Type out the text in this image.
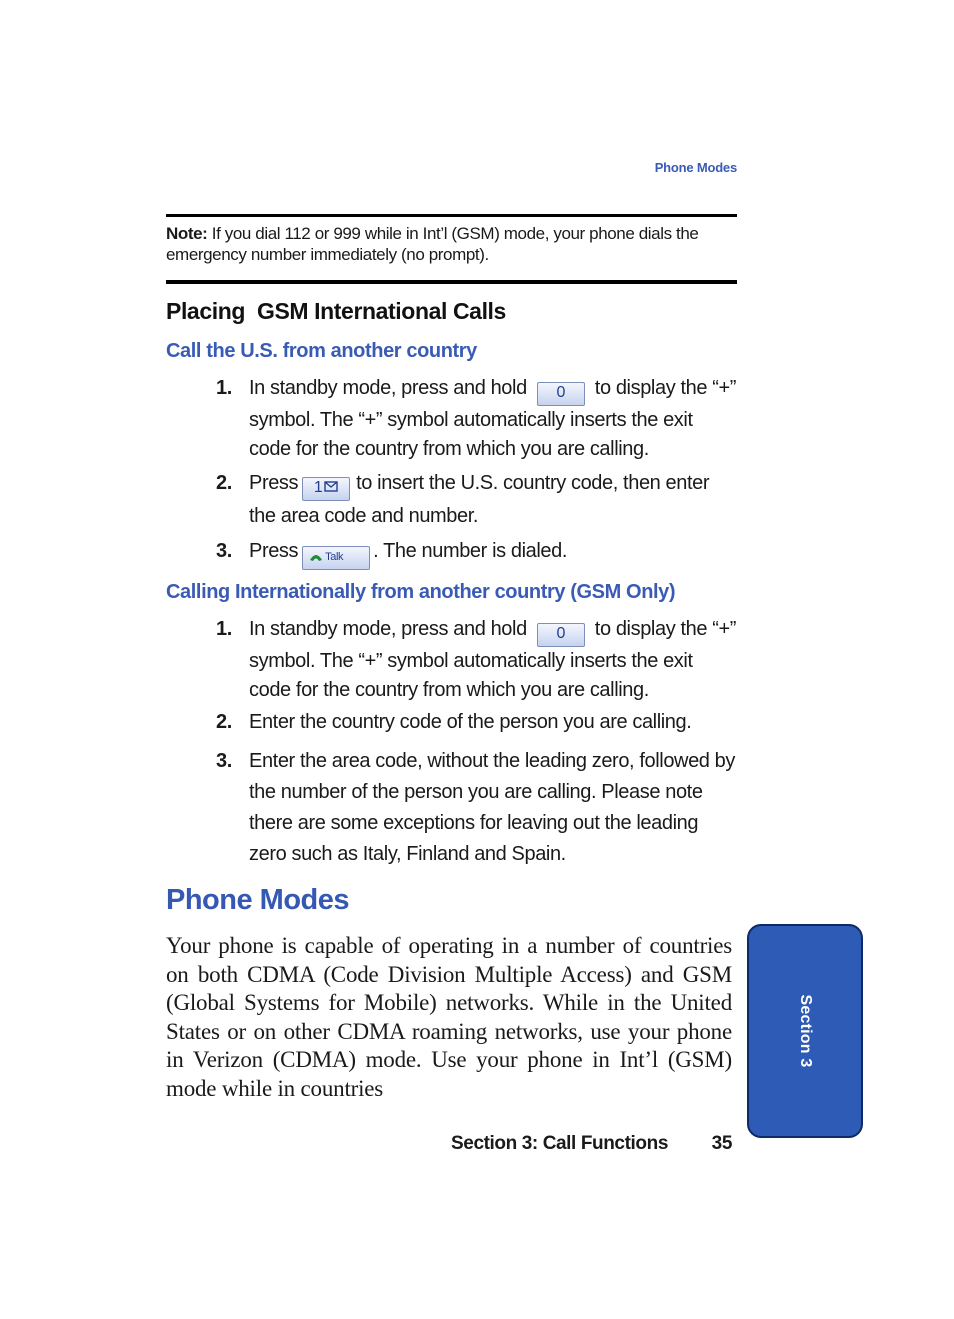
Phone Modes
Note: If you dial 112 or 999 while in Int’l (GSM) mode, your phone dials the emergency number immediately (no prompt).
Placing  GSM International Calls
Call the U.S. from another country
1. In standby mode, press and hold 0 to display the “+” symbol. The “+” symbol automatically inserts the exit code for the country from which you are calling.
2. Press 1 to insert the U.S. country code, then enter the area code and number.
3. Press Talk . The number is dialed.
Calling Internationally from another country (GSM Only)
1. In standby mode, press and hold 0 to display the “+” symbol. The “+” symbol automatically inserts the exit code for the country from which you are calling.
2. Enter the country code of the person you are calling.
3. Enter the area code, without the leading zero, followed by the number of the person you are calling. Please note there are some exceptions for leaving out the leading zero such as Italy, Finland and Spain.
Phone Modes

Your phone is capable of operating in a number of countries on both CDMA (Code Division Multiple Access) and GSM (Global Systems for Mobile) networks. While in the United States or on other CDMA roaming networks, use your phone in Verizon (CDMA) mode. Use your phone in Int’l (GSM) mode while in countries

Section 3: Call Functions 35
Section 3
